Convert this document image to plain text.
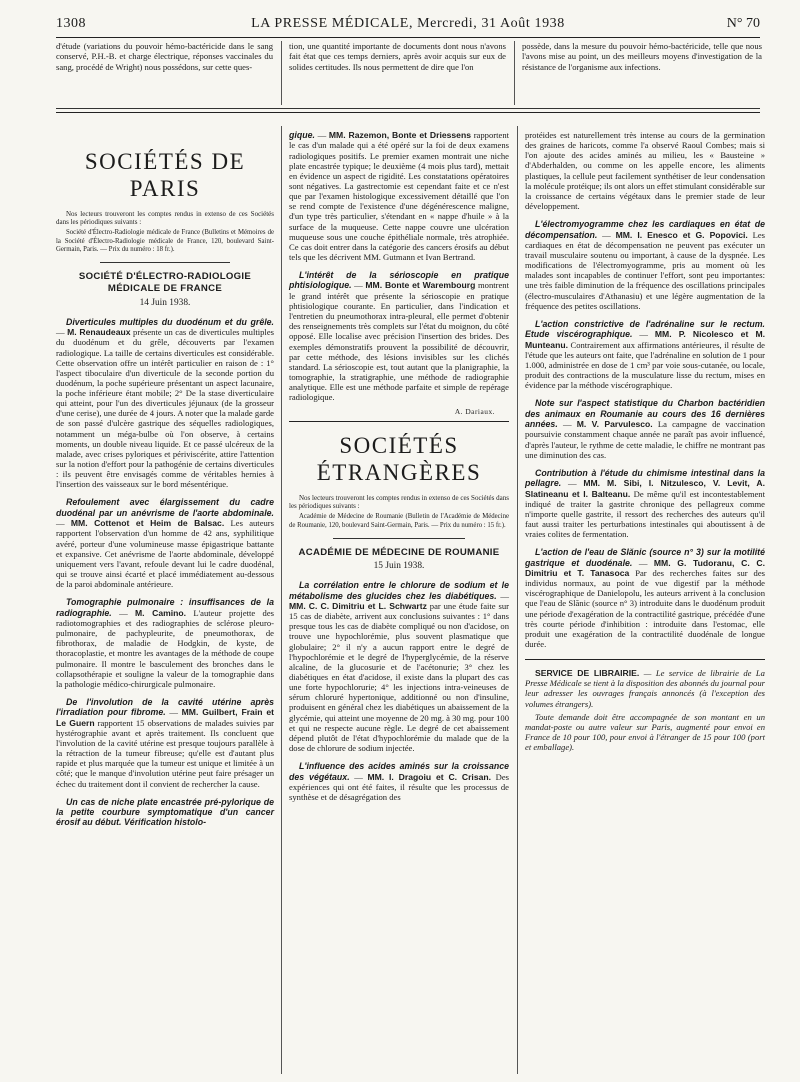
1308	LA PRESSE MÉDICALE, Mercredi, 31 Août 1938	N° 70
d'étude (variations du pouvoir hémo-bactéricide dans le sang conservé, P.H.-B. et charge électrique, réponses vaccinales du sang, procédé de Wright) nous possédons, sur cette ques-
tion, une quantité importante de documents dont nous n'avons fait état que ces temps derniers, après avoir acquis sur eux de solides certitudes. Ils nous permettent de dire que l'on
possède, dans la mesure du pouvoir hémo-bactéricide, telle que nous l'avons mise au point, un des meilleurs moyens d'investigation de la résistance de l'organisme aux infections.
SOCIÉTÉS DE PARIS

Nos lecteurs trouveront les comptes rendus in extenso de ces Sociétés dans les périodiques suivants :

Société d'Électro-Radiologie médicale de France (Bulletins et Mémoires de la Société d'Électro-Radiologie médicale de France, 120, boulevard Saint-Germain, Paris. — Prix du numéro : 18 fr.).

SOCIÉTÉ D'ÉLECTRO-RADIOLOGIE MÉDICALE DE FRANCE
14 Juin 1938.

Diverticules multiples du duodénum et du grêle. — M. Renaudeaux présente un cas de diverticules multiples du duodénum et du grêle, découverts par l'examen radiologique. La taille de certains diverticules est considérable. Cette observation offre un intérêt particulier en raison de : 1° l'aspect tiboculaire d'un diverticule de la seconde portion du duodénum, la poche supérieure présentant un aspect lacunaire, la poche inférieure étant mobile; 2° De la stase diverticulaire qui atteint, pour l'un des diverticules jéjunaux (de la grosseur d'une cerise), une durée de 4 jours. A noter que la malade garde de son passé d'ulcère gastrique des séquelles radiologiques, notamment un méga-bulbe où l'on observe, à certains moments, un double niveau liquide. Et ce passé ulcéreux de la malade, avec crises pyloriques et périviscérite, attire l'attention sur la notion d'effort pour la pathogénie de certains diverticules : ils peuvent être envisagés comme de véritables hernies à l'insertion des vaisseaux sur le bord mésentérique.

Refoulement avec élargissement du cadre duodénal par un anévrisme de l'aorte abdominale. — MM. Cottenot et Heim de Balsac. Les auteurs rapportent l'observation d'un homme de 42 ans, syphilitique avéré, porteur d'une volumineuse masse épigastrique battante et expansive. Cet anévrisme de l'aorte abdominale, développé uniquement vers l'avant, refoule devant lui le cadre duodénal, qui se trouve ainsi écarté et placé immédiatement au-dessous de la paroi abdominale antérieure.

Tomographie pulmonaire : insuffisances de la radiographie. — M. Camino. L'auteur projette des radiotomographies et des radiographies de sclérose pleuro-pulmonaire, de pachypleurite, de pneumothorax, de fibrothorax, de maladie de Hodgkin, de kyste, de thoracoplastie, et montre les avantages de la méthode de coupe pulmonaire. Il montre le basculement des bronches dans le collapsothérapie et souligne la valeur de la tomographie dans la pathologie médico-chirurgicale pulmonaire.

De l'involution de la cavité utérine après l'irradiation pour fibrome. — MM. Guilbert, Frain et Le Guern rapportent 15 observations de malades suivies par hystérographie avant et après traitement. Ils concluent que l'involution de la cavité utérine est presque toujours parallèle à la rétraction de la tumeur fibreuse; qu'elle est d'autant plus rapide et plus marquée que la tumeur est unique et limitée à un côté; que le manque d'involution utérine peut faire présager un échec du traitement dont il convient de rechercher la cause.

Un cas de niche plate encastrée pré-pylorique de la petite courbure symptomatique d'un cancer érosif au début. Vérification histolo-

gique. — MM. Razemon, Bonte et Driessens rapportent le cas d'un malade qui a été opéré sur la foi de deux examens radiologiques positifs. Le premier examen montrait une niche plate encastrée typique; le deuxième (4 mois plus tard), mettait en évidence un aspect de rigidité. Les constatations opératoires sont négatives. La gastrectomie est cependant faite et ce n'est que par l'examen histologique excessivement détaillé que l'on se rend compte de l'existence d'une dégénérescence maligne, d'un type très particulier, s'étendant en « nappe d'huile » à la surface de la muqueuse. Cette nappe couvre une ulcération muqueuse sous une couche épithéliale normale, très atrophiée. Ce cas doit entrer dans la catégorie des cancers érosifs au début tels que les décrivent MM. Gutmann et Ivan Bertrand.

L'intérêt de la sérioscopie en pratique phtisiologique. — MM. Bonte et Warembourg montrent le grand intérêt que présente la sérioscopie en pratique phtisiologique courante. En particulier, dans l'indication et l'entretien du pneumothorax intra-pleural, elle permet d'obtenir des renseignements très complets sur l'état du moignon, du côté opposé. Elle localise avec précision l'insertion des brides. Des exemples démonstratifs prouvent la possibilité de découvrir, par cette méthode, des lésions invisibles sur les clichés standard. La sérioscopie est, tout autant que la planigraphie, la tomographie, la stratigraphie, une méthode de radiographie analytique. Elle est une méthode parfaite et simple de repérage radiologique.

A. Dariaux.
SOCIÉTÉS ÉTRANGÈRES

Nos lecteurs trouveront les comptes rendus in extenso de ces Sociétés dans les périodiques suivants :

Académie de Médecine de Roumanie (Bulletin de l'Académie de Médecine de Roumanie, 120, boulevard Saint-Germain, Paris. — Prix du numéro : 15 fr.).

ACADÉMIE DE MÉDECINE DE ROUMANIE
15 Juin 1938.

La corrélation entre le chlorure de sodium et le métabolisme des glucides chez les diabétiques. — MM. C. C. Dimitriu et L. Schwartz par une étude faite sur 15 cas de diabète, arrivent aux conclusions suivantes : 1° dans presque tous les cas de diabète compliqué ou non d'acidose, on trouve une hypochlorémie, plus souvent plasmatique que globulaire; 2° il n'y a aucun rapport entre le degré de l'hypochlorémie et le degré de l'hyperglycémie, de la réserve alcaline, de la glucosurie et de l'acétonurie; 3° chez les diabétiques en état d'acidose, il existe dans la plupart des cas une forte hypochlorurie; 4° les injections intra-veineuses de sérum chloruré hypertonique, additionné ou non d'insuline, produisent en général chez les diabétiques un abaissement de la glycémie, qui atteint une moyenne de 20 mg. à 30 mg. pour 100 et qui ne respecte aucune règle. Le degré de cet abaissement dépend plutôt de l'état d'hypochlorémie du malade que de la dose de chlorure de sodium injectée.

L'influence des acides aminés sur la croissance des végétaux. — MM. I. Dragoiu et C. Crisan. Des expériences qui ont été faites, il résulte que les processus de synthèse et de désagrégation des

protéides est naturellement très intense au cours de la germination des graines de haricots, comme l'a observé Raoul Combes; mais si l'on ajoute des acides aminés au milieu, les « Bausteine » d'Abderhalden, ou comme on les appelle encore, les aliments plastiques, la cellule peut facilement synthétiser de leur condensation la molécule protéique; ils ont alors un effet stimulant considérable sur la croissance de certains végétaux dans le premier stade de leur développement.

L'électromyogramme chez les cardiaques en état de décompensation. — MM. I. Enesco et G. Popovici. Les cardiaques en état de décompensation ne peuvent pas exécuter un travail musculaire soutenu ou important, à cause de la dyspnée. Les modifications de l'électromyogramme, pris au moment où les malades sont incapables de continuer l'effort, sont peu importantes: une très faible diminution de la fréquence des oscillations principales (électro-musculaires d'Athanasiu) et une légère augmentation de la fréquence des petites oscillations.

L'action constrictive de l'adrénaline sur le rectum. Etude viscérographique. — MM. P. Nicolesco et M. Munteanu. Contrairement aux affirmations antérieures, il résulte de l'étude que les auteurs ont faite, que l'adrénaline en solution de 1 pour 1.000, administrée en dose de 1 cm³ par voie sous-cutanée, ou locale, produit des contractions de la musculature lisse du rectum, mises en évidence par la méthode viscérographique.

Note sur l'aspect statistique du Charbon bactéridien des animaux en Roumanie au cours des 16 dernières années. — M. V. Parvulesco. La campagne de vaccination poursuivie constamment chaque année ne paraît pas avoir influencé, d'après l'auteur, le rythme de cette maladie, le chiffre ne montrant pas une diminution des cas.

Contribution à l'étude du chimisme intestinal dans la pellagre. — MM. M. Sibi, I. Nitzulesco, V. Levit, A. Slatineanu et I. Balteanu. De même qu'il est incontestablement indiqué de traiter la gastrite chronique des pellagreux comme n'importe quelle gastrite, il ressort des recherches des auteurs qu'il faut aussi traiter les perturbations intestinales qui aboutissent à de vraies colites de fermentation.

L'action de l'eau de Slănic (source n° 3) sur la motilité gastrique et duodénale. — MM. G. Tudoranu, C. C. Dimitriu et T. Tanasoca Par des recherches faites sur des individus normaux, au point de vue digestif par la méthode viscérographique de Danielopolu, les auteurs arrivent à la conclusion que l'eau de Slănic (source n° 3) introduite dans le duodénum produit une période d'exagération de la contractilité gastrique, précédée d'une très courte période d'inhibition : introduite dans l'estomac, elle produit une exagération de la contractilité duodénale de longue durée.

SERVICE DE LIBRAIRIE. — Le service de librairie de La Presse Médicale se tient à la disposition des abonnés du journal pour leur adresser les ouvrages français annoncés (à l'exception des volumes étrangers).

Toute demande doit être accompagnée de son montant en un mandat-poste ou autre valeur sur Paris, augmenté pour envoi en France de 10 pour 100, pour envoi à l'étranger de 15 pour 100 (port et emballage).
